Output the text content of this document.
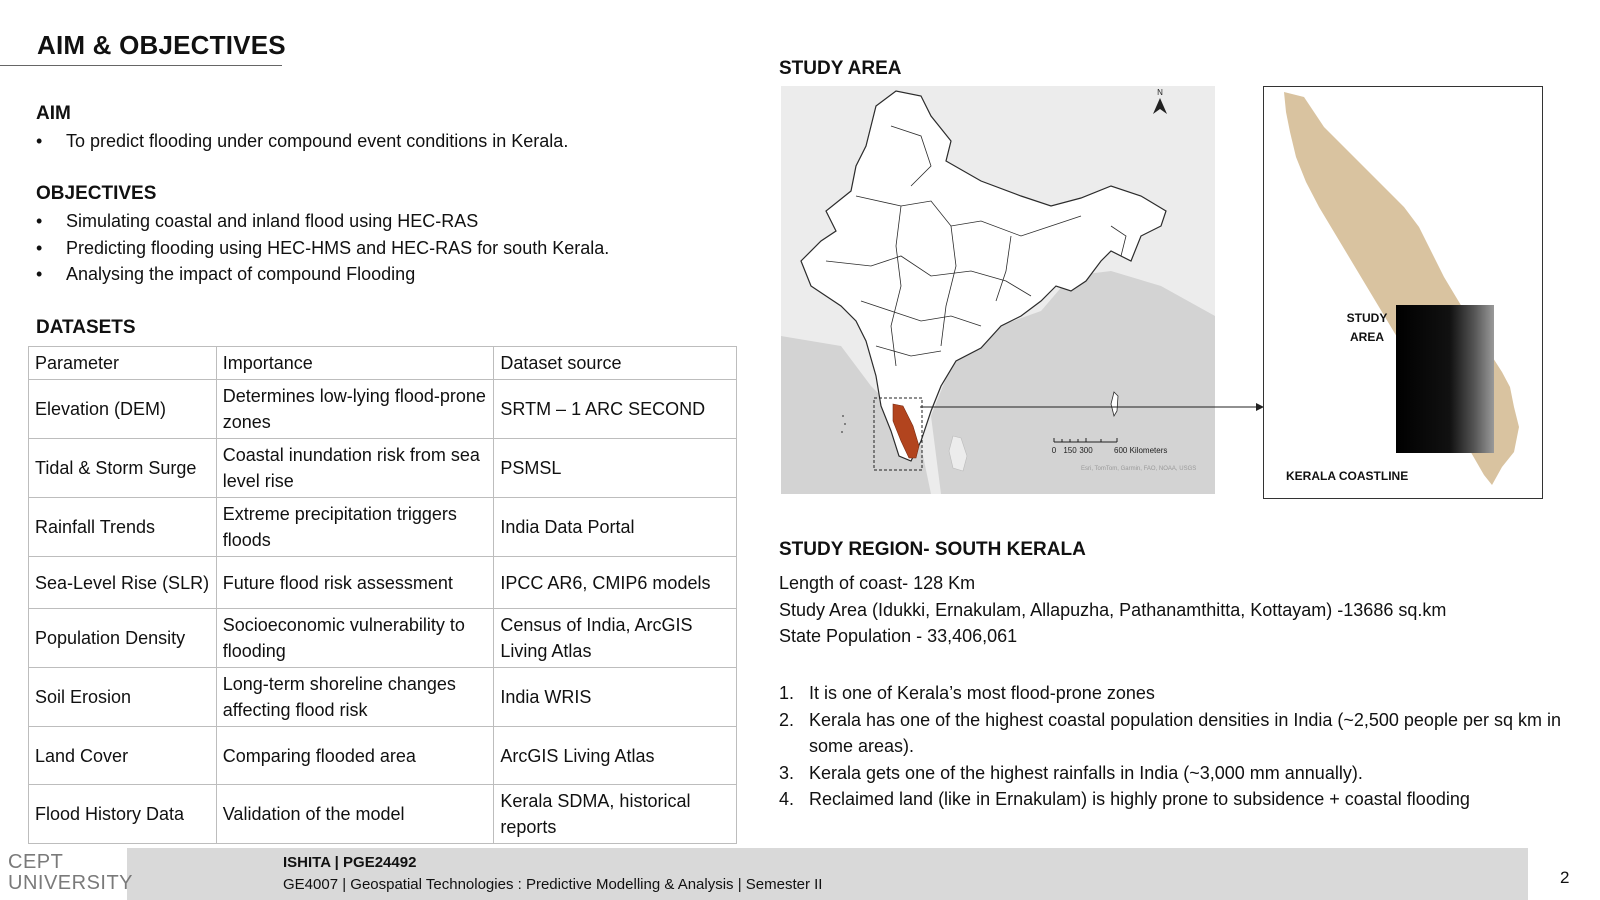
AIM & OBJECTIVES
AIM
• To predict flooding under compound event conditions in Kerala.
OBJECTIVES
• Simulating coastal and inland flood using HEC-RAS
• Predicting flooding using HEC-HMS and HEC-RAS for south Kerala.
• Analysing the impact of compound Flooding
DATASETS
Parameter	Importance	Dataset source
Elevation (DEM)	Determines low-lying flood-prone zones	SRTM – 1 ARC SECOND
Tidal & Storm Surge	Coastal inundation risk from sea level rise	PSMSL
Rainfall Trends	Extreme precipitation triggers floods	India Data Portal
Sea-Level Rise (SLR)	Future flood risk assessment	IPCC AR6, CMIP6 models
Population Density	Socioeconomic vulnerability to flooding	Census of India, ArcGIS Living Atlas
Soil Erosion	Long-term shoreline changes affecting flood risk	India WRIS
Land Cover	Comparing flooded area	ArcGIS Living Atlas
Flood History Data	Validation of the model	Kerala SDMA, historical reports
STUDY AREA
N
0 150 300	600 Kilometers
Esri, TomTom, Garmin, FAO, NOAA, USGS
STUDY
AREA
KERALA COASTLINE
STUDY REGION- SOUTH KERALA
Length of coast- 128 Km
Study Area (Idukki, Ernakulam, Allapuzha, Pathanamthitta, Kottayam) -13686 sq.km
State Population - 33,406,061
1. It is one of Kerala’s most flood-prone zones
2. Kerala has one of the highest coastal population densities in India (~2,500 people per sq km in some areas).
3. Kerala gets one of the highest rainfalls in India (~3,000 mm annually).
4. Reclaimed land (like in Ernakulam) is highly prone to subsidence + coastal flooding
CEPT
UNIVERSITY
ISHITA | PGE24492
GE4007 | Geospatial Technologies : Predictive Modelling & Analysis | Semester II	2
